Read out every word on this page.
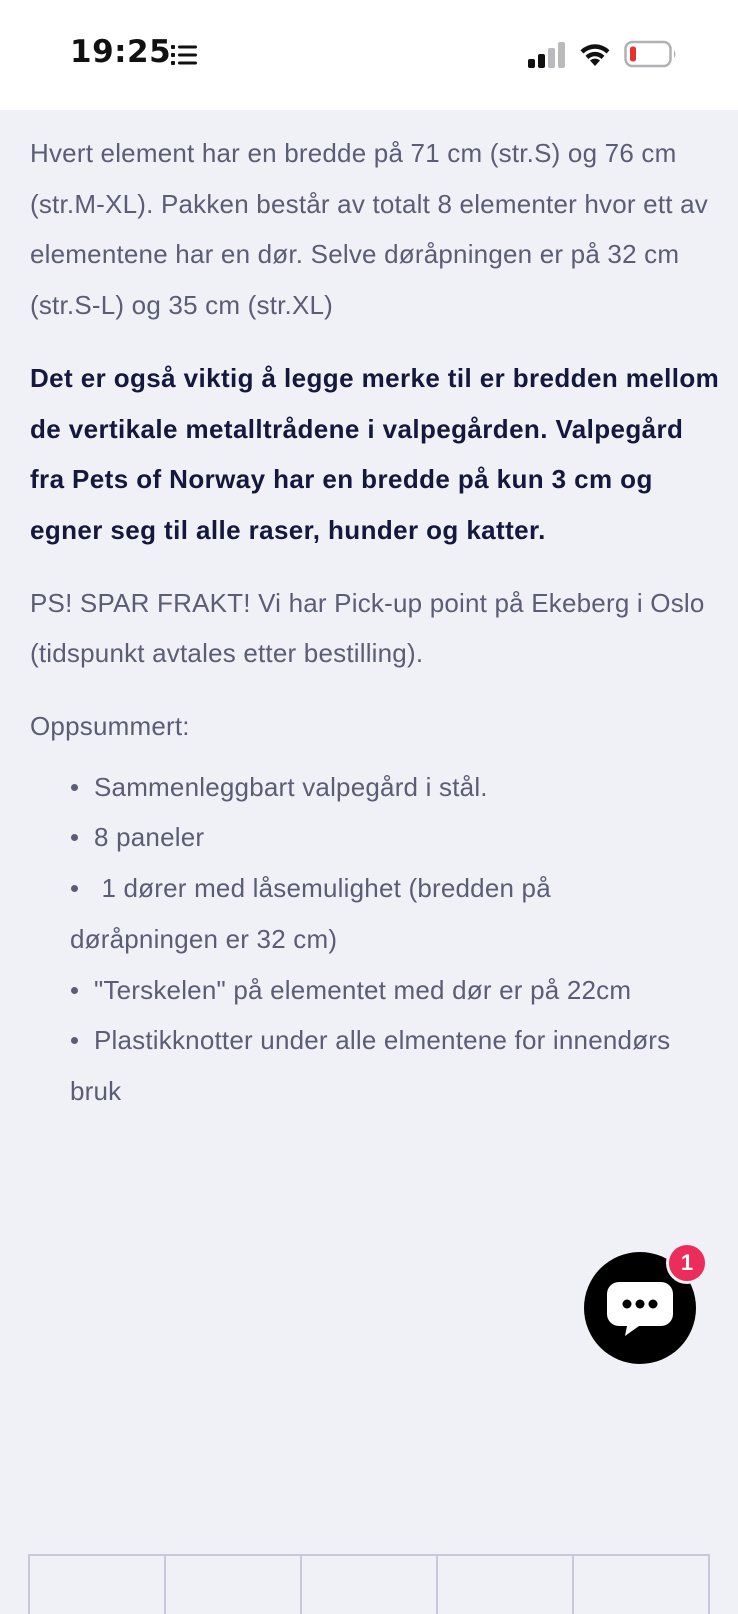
19:25

Hvert element har en bredde på 71 cm (str.S) og 76 cm (str.M-XL). Pakken består av totalt 8 elementer hvor ett av elementene har en dør. Selve døråpningen er på 32 cm (str.S-L) og 35 cm (str.XL)

Det er også viktig å legge merke til er bredden mellom de vertikale metalltrådene i valpegården. Valpegård fra Pets of Norway har en bredde på kun 3 cm og egner seg til alle raser, hunder og katter.

PS! SPAR FRAKT! Vi har Pick-up point på Ekeberg i Oslo (tidspunkt avtales etter bestilling).

Oppsummert:

Sammenleggbart valpegård i stål.
8 paneler
1 dører med låsemulighet (bredden på døråpningen er 32 cm)
"Terskelen" på elementet med dør er på 22cm
Plastikknotter under alle elmentene for innendørs bruk
1
